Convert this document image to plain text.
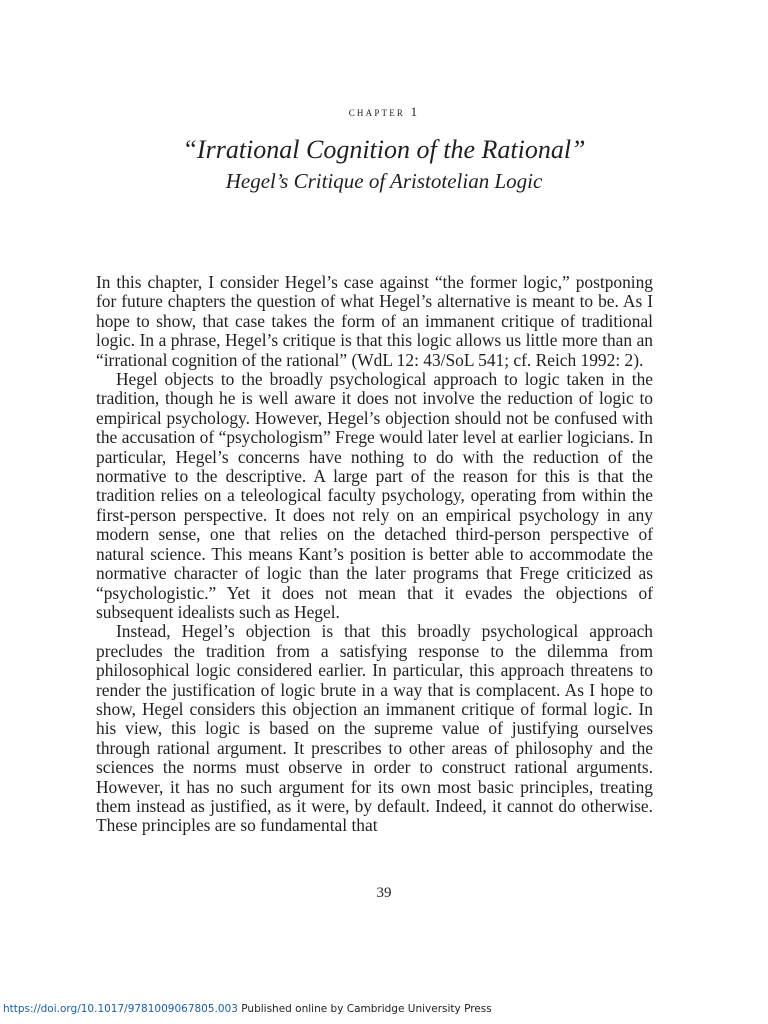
chapter 1
“Irrational Cognition of the Rational”
Hegel’s Critique of Aristotelian Logic

In this chapter, I consider Hegel’s case against “the former logic,” postponing for future chapters the question of what Hegel’s alternative is meant to be. As I hope to show, that case takes the form of an immanent critique of traditional logic. In a phrase, Hegel’s critique is that this logic allows us little more than an “irrational cognition of the rational” (WdL 12: 43/SoL 541; cf. Reich 1992: 2).

Hegel objects to the broadly psychological approach to logic taken in the tradition, though he is well aware it does not involve the reduction of logic to empirical psychology. However, Hegel’s objection should not be confused with the accusation of “psychologism” Frege would later level at earlier logicians. In particular, Hegel’s concerns have nothing to do with the reduction of the normative to the descriptive. A large part of the reason for this is that the tradition relies on a teleological faculty psychology, operating from within the first-person perspective. It does not rely on an empirical psychology in any modern sense, one that relies on the detached third-person perspective of natural science. This means Kant’s position is better able to accommodate the normative character of logic than the later programs that Frege criticized as “psychologistic.” Yet it does not mean that it evades the objections of subsequent idealists such as Hegel.

Instead, Hegel’s objection is that this broadly psychological approach precludes the tradition from a satisfying response to the dilemma from philosophical logic considered earlier. In particular, this approach threatens to render the justification of logic brute in a way that is complacent. As I hope to show, Hegel considers this objection an immanent critique of formal logic. In his view, this logic is based on the supreme value of justifying ourselves through rational argument. It prescribes to other areas of philosophy and the sciences the norms must observe in order to construct rational arguments. However, it has no such argument for its own most basic principles, treating them instead as justified, as it were, by default. Indeed, it cannot do otherwise. These principles are so fundamental that

39
https://doi.org/10.1017/9781009067805.003 Published online by Cambridge University Press
